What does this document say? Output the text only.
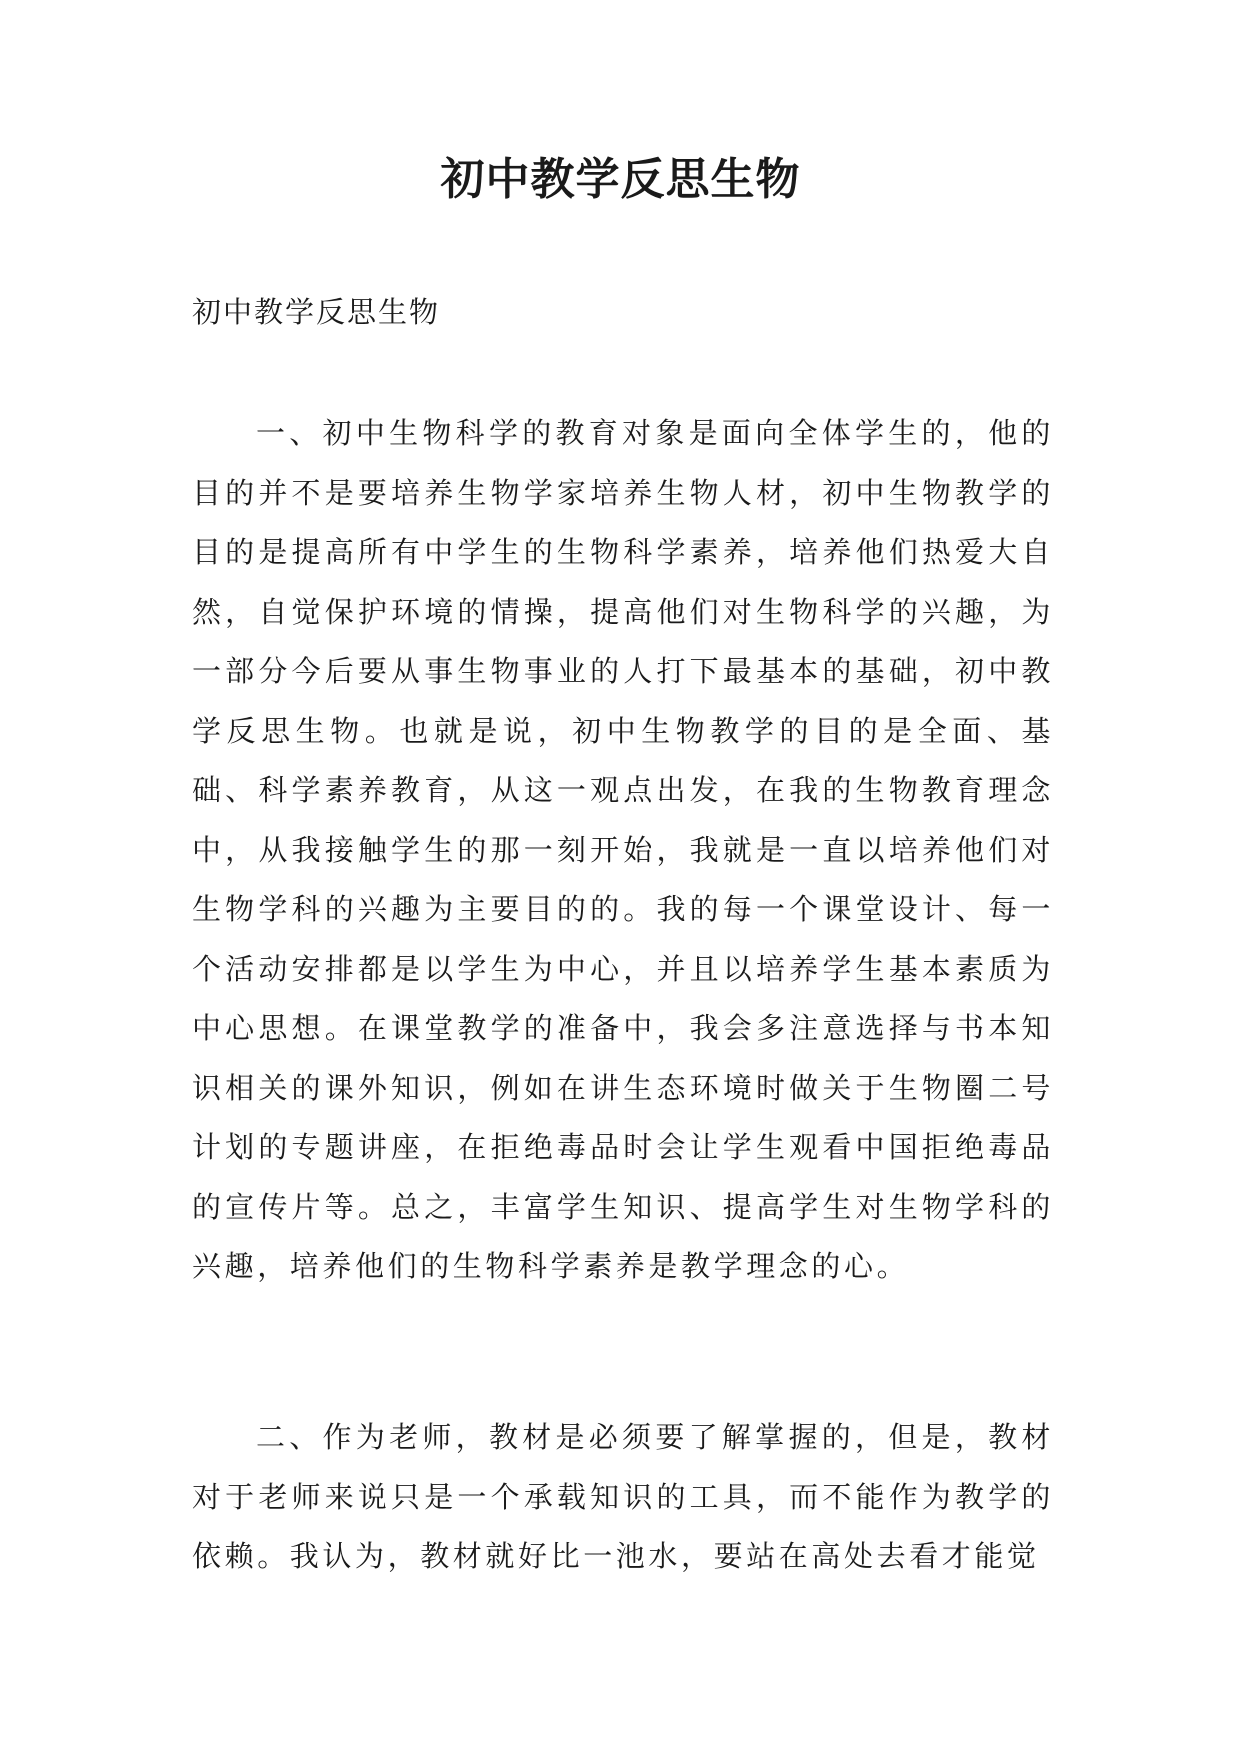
初中教学反思生物

初中教学反思生物

一、初中生物科学的教育对象是面向全体学生的，他的目的并不是要培养生物学家培养生物人材，初中生物教学的目的是提高所有中学生的生物科学素养，培养他们热爱大自然，自觉保护环境的情操，提高他们对生物科学的兴趣，为一部分今后要从事生物事业的人打下最基本的基础，初中教学反思生物。也就是说，初中生物教学的目的是全面、基础、科学素养教育，从这一观点出发，在我的生物教育理念中，从我接触学生的那一刻开始，我就是一直以培养他们对生物学科的兴趣为主要目的的。我的每一个课堂设计、每一个活动安排都是以学生为中心，并且以培养学生基本素质为中心思想。在课堂教学的准备中，我会多注意选择与书本知识相关的课外知识，例如在讲生态环境时做关于生物圈二号计划的专题讲座，在拒绝毒品时会让学生观看中国拒绝毒品的宣传片等。总之，丰富学生知识、提高学生对生物学科的兴趣，培养他们的生物科学素养是教学理念的心。

二、作为老师，教材是必须要了解掌握的，但是，教材对于老师来说只是一个承载知识的工具，而不能作为教学的依赖。我认为，教材就好比一池水，要站在高处去看才能觉
